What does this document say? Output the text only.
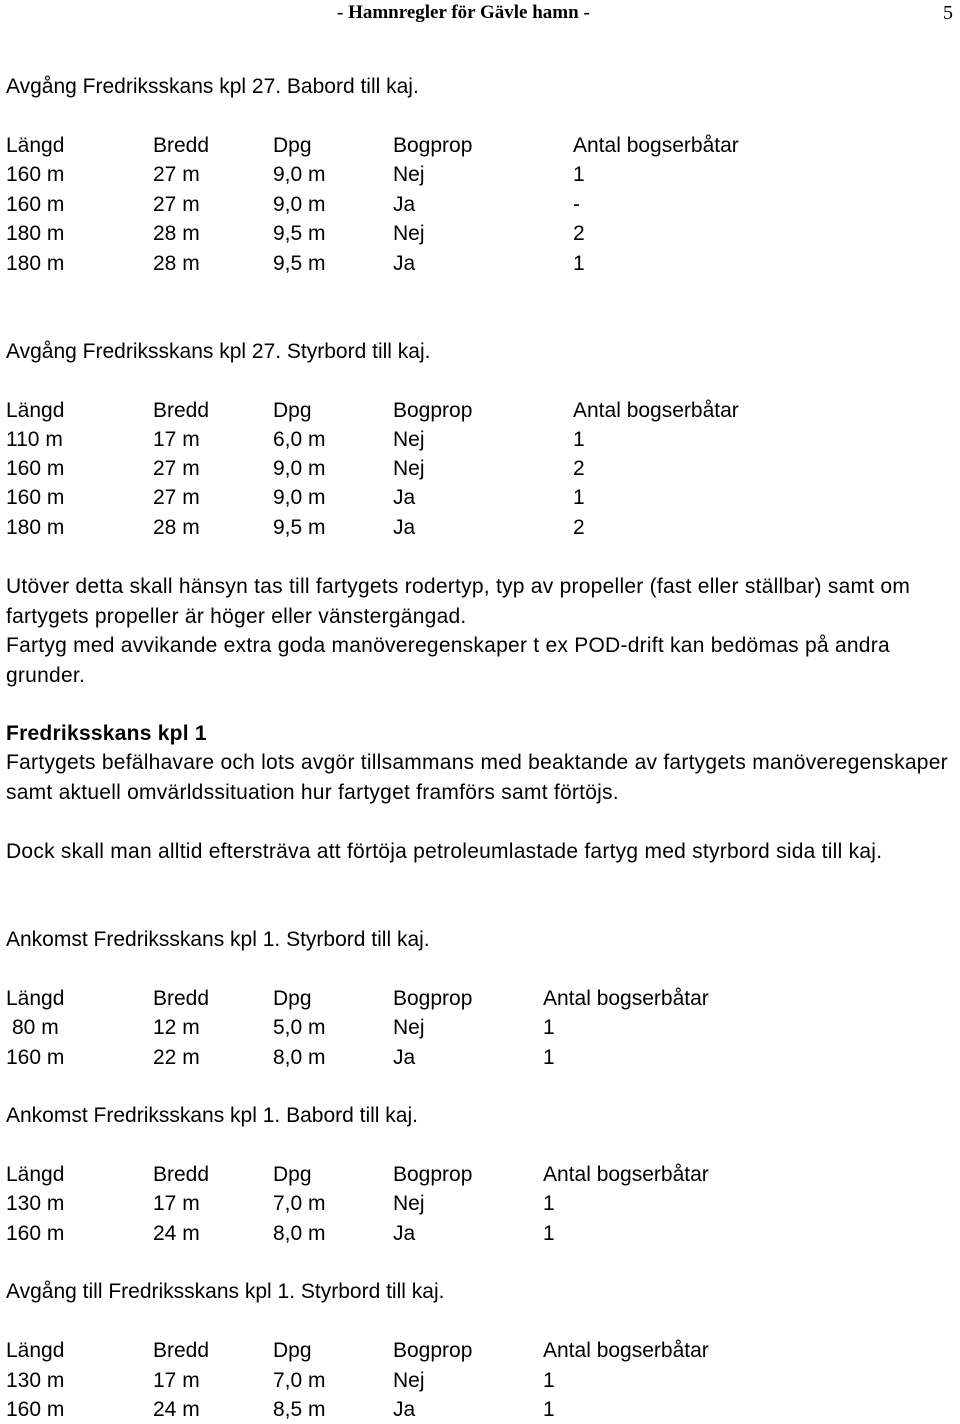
- Hamnregler för Gävle hamn -	5
Avgång Fredriksskans kpl 27. Babord till kaj.
Längd	Bredd	Dpg	Bogprop	Antal bogserbåtar
160 m	27 m	9,0 m	Nej	1
160 m	27 m	9,0 m	Ja	-
180 m	28 m	9,5 m	Nej	2
180 m	28 m	9,5 m	Ja	1
Avgång Fredriksskans kpl 27. Styrbord till kaj.
Längd	Bredd	Dpg	Bogprop	Antal bogserbåtar
110 m	17 m	6,0 m	Nej	1
160 m	27 m	9,0 m	Nej	2
160 m	27 m	9,0 m	Ja	1
180 m	28 m	9,5 m	Ja	2
Utöver detta skall hänsyn tas till fartygets rodertyp, typ av propeller (fast eller ställbar) samt om fartygets propeller är höger eller vänstergängad.
Fartyg med avvikande extra goda manöveregenskaper t ex POD-drift kan bedömas på andra grunder.
Fredriksskans kpl 1
Fartygets befälhavare och lots avgör tillsammans med beaktande av fartygets manöveregenskaper samt aktuell omvärldssituation hur fartyget framförs samt förtöjs.
Dock skall man alltid eftersträva att förtöja petroleumlastade fartyg med styrbord sida till kaj.
Ankomst Fredriksskans kpl 1. Styrbord till kaj.
Längd	Bredd	Dpg	Bogprop	Antal bogserbåtar
80 m	12 m	5,0 m	Nej	1
160 m	22 m	8,0 m	Ja	1
Ankomst Fredriksskans kpl 1. Babord till kaj.
Längd	Bredd	Dpg	Bogprop	Antal bogserbåtar
130 m	17 m	7,0 m	Nej	1
160 m	24 m	8,0 m	Ja	1
Avgång till Fredriksskans kpl 1. Styrbord till kaj.
Längd	Bredd	Dpg	Bogprop	Antal bogserbåtar
130 m	17 m	7,0 m	Nej	1
160 m	24 m	8,5 m	Ja	1
